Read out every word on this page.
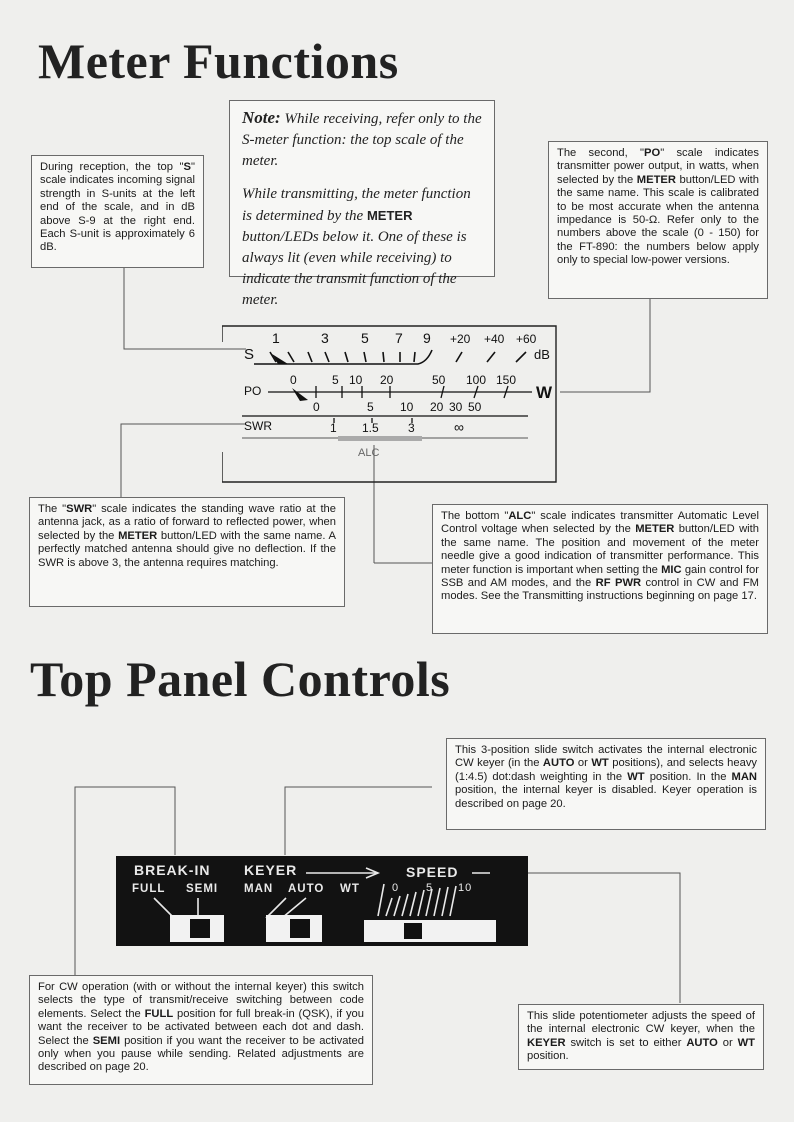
Meter Functions

Note: While receiving, refer only to the S-meter function: the top scale of the meter.

While transmitting, the meter function is determined by the METER button/LEDs below it. One of these is always lit (even while receiving) to indicate the transmit function of the meter.

During reception, the top "S" scale indicates incoming signal strength in S-units at the left end of the scale, and in dB above S-9 at the right end. Each S-unit is approximately 6 dB.
The second, "PO" scale indicates transmitter power output, in watts, when selected by the METER button/LED with the same name. This scale is calibrated to be most accurate when the antenna impedance is 50-Ω. Refer only to the numbers above the scale (0 - 150) for the FT-890: the numbers below apply only to special low-power versions.
S
1	3 5 7 9 +20 +40 +60
dB
PO
0	5 10 20	50 100 150
W
0	5 10 20 30 50
SWR	1 1.5 3	∞
ALC
The "SWR" scale indicates the standing wave ratio at the antenna jack, as a ratio of forward to reflected power, when selected by the METER button/LED with the same name. A perfectly matched antenna should give no deflection. If the SWR is above 3, the antenna requires matching.
The bottom "ALC" scale indicates transmitter Automatic Level Control voltage when selected by the METER button/LED with the same name. The position and movement of the meter needle give a good indication of transmitter performance. This meter function is important when setting the MIC gain control for SSB and AM modes, and the RF PWR control in CW and FM modes. See the Transmitting instructions beginning on page 17.
Top Panel Controls
This 3-position slide switch activates the internal electronic CW keyer (in the AUTO or WT positions), and selects heavy (1:4.5) dot:dash weighting in the WT position. In the MAN position, the internal keyer is disabled. Keyer operation is described on page 20.
BREAK-IN
FULL SEMI
KEYER
MAN AUTO WT
SPEED
0 5 10
For CW operation (with or without the internal keyer) this switch selects the type of transmit/receive switching between code elements. Select the FULL position for full break-in (QSK), if you want the receiver to be activated between each dot and dash. Select the SEMI position if you want the receiver to be activated only when you pause while sending. Related adjustments are described on page 20.
This slide potentiometer adjusts the speed of the internal electronic CW keyer, when the KEYER switch is set to either AUTO or WT position.
